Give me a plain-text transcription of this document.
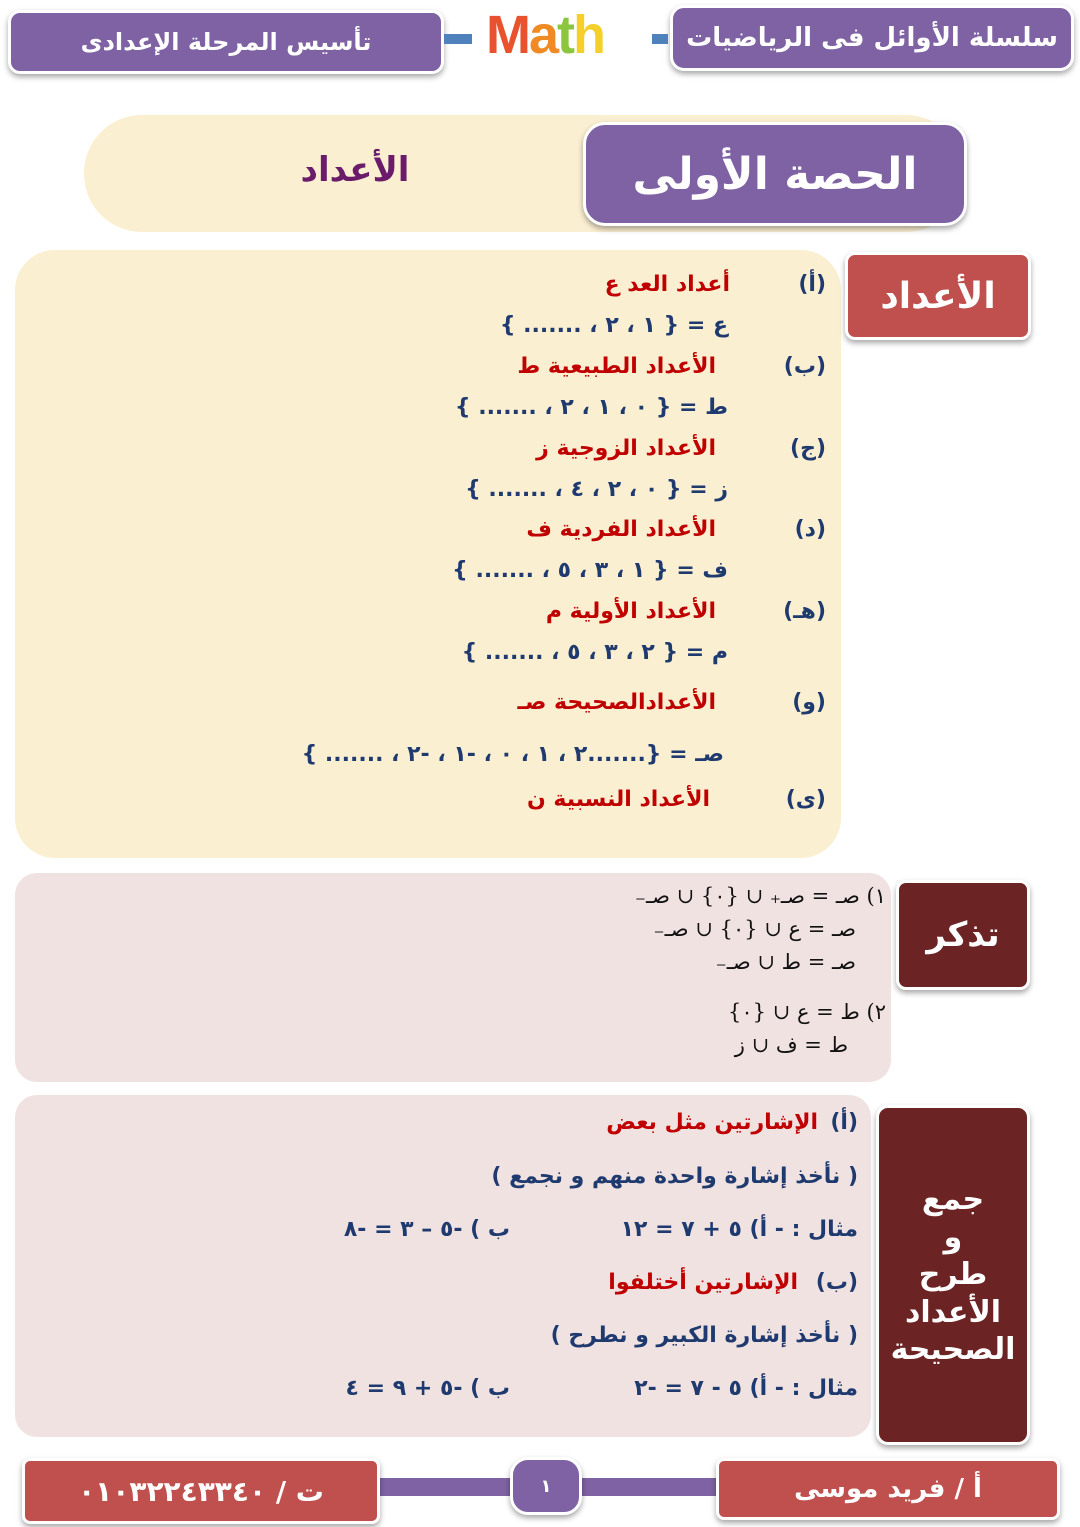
سلسلة الأوائل فى الرياضيات
تأسيس المرحلة الإعدادى Math
الأعداد	الحصة الأولى
الأعداد
(أ)
أعداد العد ع
ع = { ١ ، ٢ ، ....... }
(ب)
الأعداد الطبيعية ط
ط = { ٠ ، ١ ، ٢ ، ....... }
(ج)
الأعداد الزوجية ز
ز = { ٠ ، ٢ ، ٤ ، ....... }
(د)
الأعداد الفردية ف
ف = { ١ ، ٣ ، ٥ ، ....... }
(هـ)
الأعداد الأولية م
م = { ٢ ، ٣ ، ٥ ، ....... }
(و)
الأعدادالصحيحة صـ
صـ = {.......٢ ، ١ ، ٠ ، -١ ، -٢ ، ....... }
(ى)
الأعداد النسبية ن
تذكر
١) صـ = صـ₊ ∪ {٠} ∪ صـ₋
صـ = ع ∪ {٠} ∪ صـ₋
صـ = ط ∪ صـ₋
٢) ط = ع ∪ {٠}
ط = ف ∪ ز
جمع
و
طرح
الأعداد
الصحيحة
(أ)
الإشارتين مثل بعض
( نأخذ إشارة واحدة منهم و نجمع )
مثال : - أ) ٥ + ٧ = ١٢
ب ) -٥ – ٣ = -٨
(ب)
الإشارتين أختلفوا
( نأخذ إشارة الكبير و نطرح )
مثال : - أ) ٥ - ٧ = -٢
ب ) -٥ + ٩ = ٤
أ / فريد موسى
ت / ٠١٠٣٢٢٤٣٣٤٠	١
